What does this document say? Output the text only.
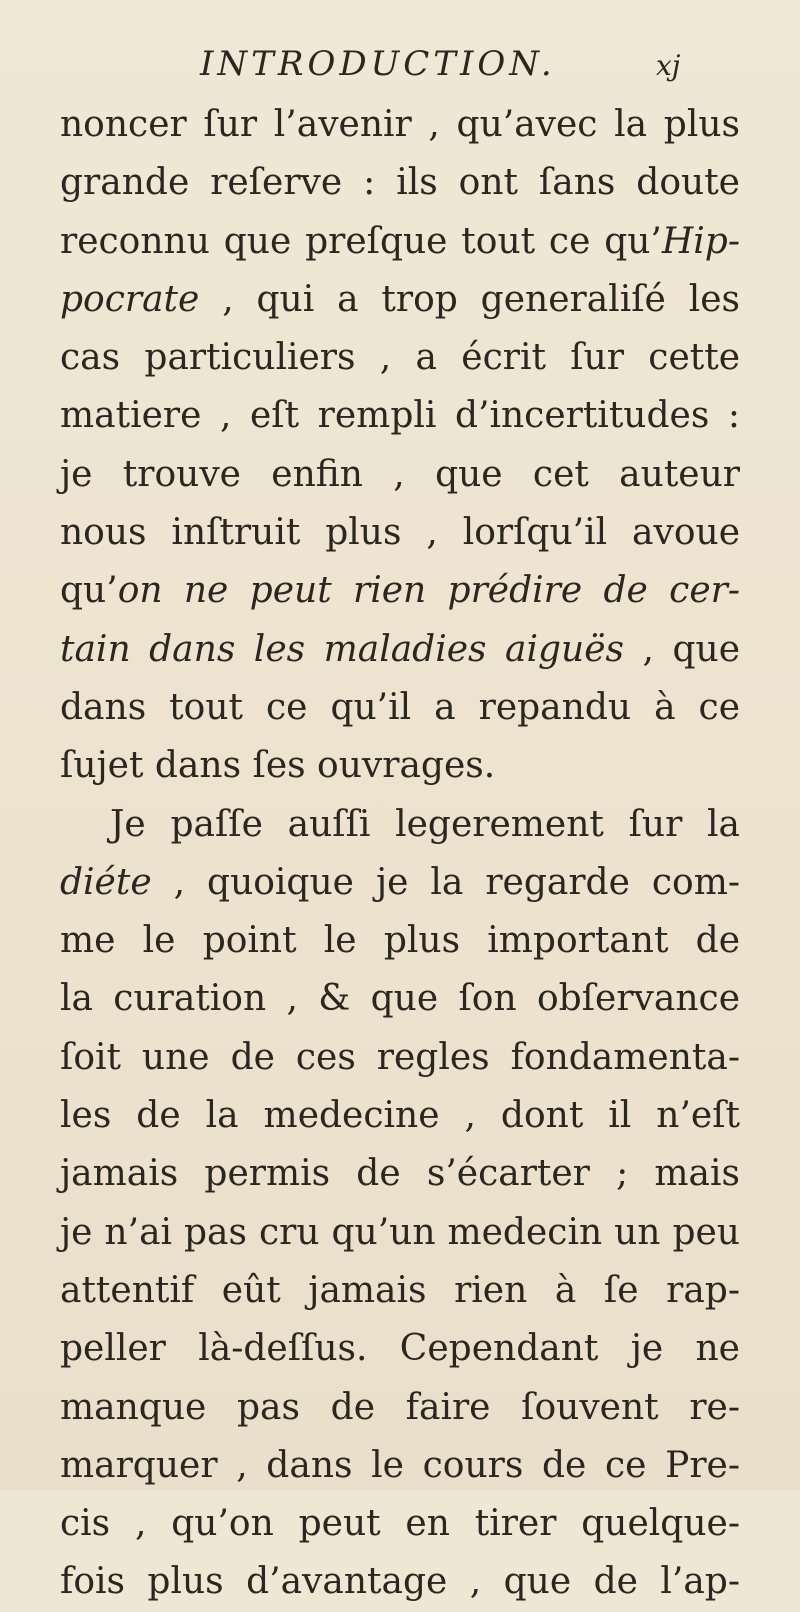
INTRODUCTION.	xj
noncer ſur l’avenir , qu’avec la plus
grande reſerve : ils ont ſans doute
reconnu que preſque tout ce qu’Hip-
pocrate , qui a trop generaliſé les
cas particuliers , a écrit ſur cette
matiere , eſt rempli d’incertitudes :
je trouve enfin , que cet auteur
nous inſtruit plus , lorſqu’il avoue
qu’on ne peut rien prédire de cer-
tain dans les maladies aiguës , que
dans tout ce qu’il a repandu à ce
ſujet dans ſes ouvrages.
Je paſſe auſſi legerement ſur la
diéte , quoique je la regarde com-
me le point le plus important de
la curation , & que ſon obſervance
ſoit une de ces regles fondamenta-
les de la medecine , dont il n’eſt
jamais permis de s’écarter ; mais
je n’ai pas cru qu’un medecin un peu
attentif eût jamais rien à ſe rap-
peller là-deſſus. Cependant je ne
manque pas de faire ſouvent re-
marquer , dans le cours de ce Pre-
cis , qu’on peut en tirer quelque-
fois plus d’avantage , que de l’ap-
